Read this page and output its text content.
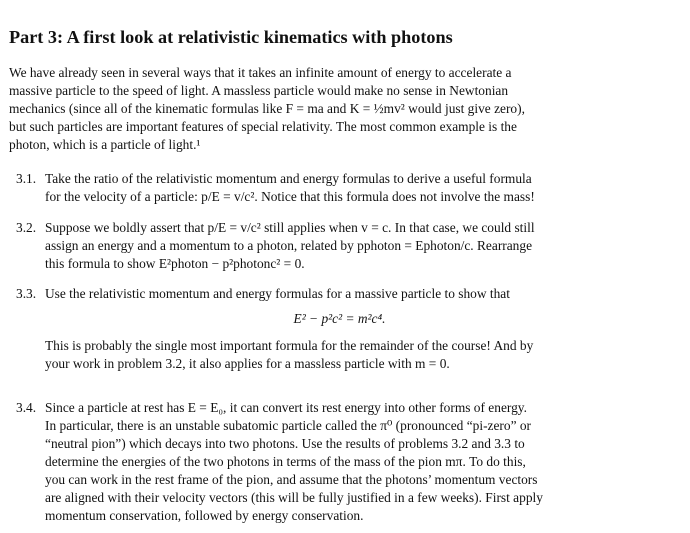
Part 3: A first look at relativistic kinematics with photons
We have already seen in several ways that it takes an infinite amount of energy to accelerate a
massive particle to the speed of light. A massless particle would make no sense in Newtonian
mechanics (since all of the kinematic formulas like F = ma and K = ½mv² would just give zero),
but such particles are important features of special relativity. The most common example is the
photon, which is a particle of light.¹
3.1. Take the ratio of the relativistic momentum and energy formulas to derive a useful formula
for the velocity of a particle: p/E = v/c². Notice that this formula does not involve the mass!
3.2. Suppose we boldly assert that p/E = v/c² still applies when v = c. In that case, we could still
assign an energy and a momentum to a photon, related by pphoton = Ephoton/c. Rearrange
this formula to show E²photon − p²photonc² = 0.
3.3. Use the relativistic momentum and energy formulas for a massive particle to show that
E² − p²c² = m²c⁴.
This is probably the single most important formula for the remainder of the course! And by
your work in problem 3.2, it also applies for a massless particle with m = 0.
3.4. Since a particle at rest has E = E₀, it can convert its rest energy into other forms of energy.
In particular, there is an unstable subatomic particle called the π⁰ (pronounced “pi-zero” or
“neutral pion”) which decays into two photons. Use the results of problems 3.2 and 3.3 to
determine the energies of the two photons in terms of the mass of the pion mπ. To do this,
you can work in the rest frame of the pion, and assume that the photons’ momentum vectors
are aligned with their velocity vectors (this will be fully justified in a few weeks). First apply
momentum conservation, followed by energy conservation.
